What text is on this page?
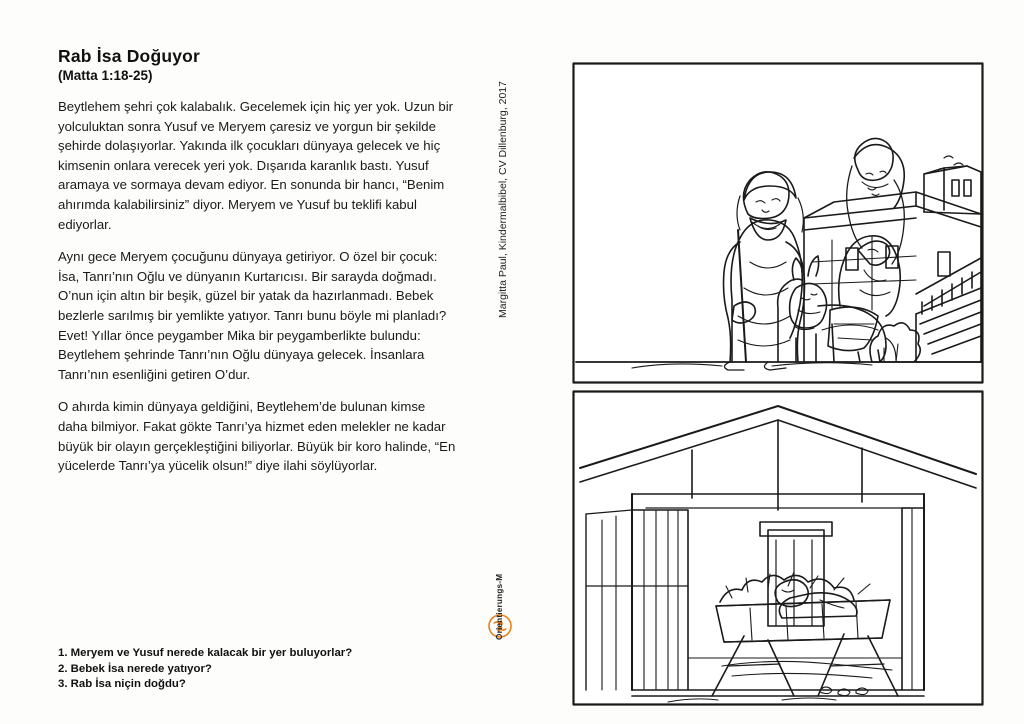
Rab İsa Doğuyor
(Matta 1:18-25)

Beytlehem şehri çok kalabalık. Gecelemek için hiç yer yok. Uzun bir yolculuktan sonra Yusuf ve Meryem çaresiz ve yorgun bir şekilde şehirde dolaşıyorlar. Yakında ilk çocukları dünyaya gelecek ve hiç kimsenin onlara verecek yeri yok. Dışarıda karanlık bastı. Yusuf aramaya ve sormaya devam ediyor. En sonunda bir hancı, “Benim ahırımda kalabilirsiniz” diyor. Meryem ve Yusuf bu teklifi kabul ediyorlar.

Aynı gece Meryem çocuğunu dünyaya getiriyor. O özel bir çocuk: İsa, Tanrı’nın Oğlu ve dünyanın Kurtarıcısı. Bir sarayda doğmadı. O’nun için altın bir beşik, güzel bir yatak da hazırlanmadı. Bebek bezlerle sarılmış bir yemlikte yatıyor. Tanrı bunu böyle mi planladı? Evet! Yıllar önce peygamber Mika bir peygamberlikte bulundu: Beytlehem şehrinde Tanrı’nın Oğlu dünyaya gelecek. İnsanlara Tanrı’nın esenliğini getiren O’dur.

O ahırda kimin dünyaya geldiğini, Beytlehem’de bulunan kimse daha bilmiyor. Fakat gökte Tanrı’ya hizmet eden melekler ne kadar büyük bir olayın gerçekleştiğini biliyorlar. Büyük bir koro halinde, “En yücelerde Tanrı’ya yücelik olsun!” diye ilahi söylüyorlar.

1. Meryem ve Yusuf nerede kalacak bir yer buluyorlar?
2. Bebek İsa nerede yatıyor?
3. Rab İsa niçin doğdu?
Margitta Paul, Kindermalbibel, CV Dillenburg, 2017
Orientierungs-M
